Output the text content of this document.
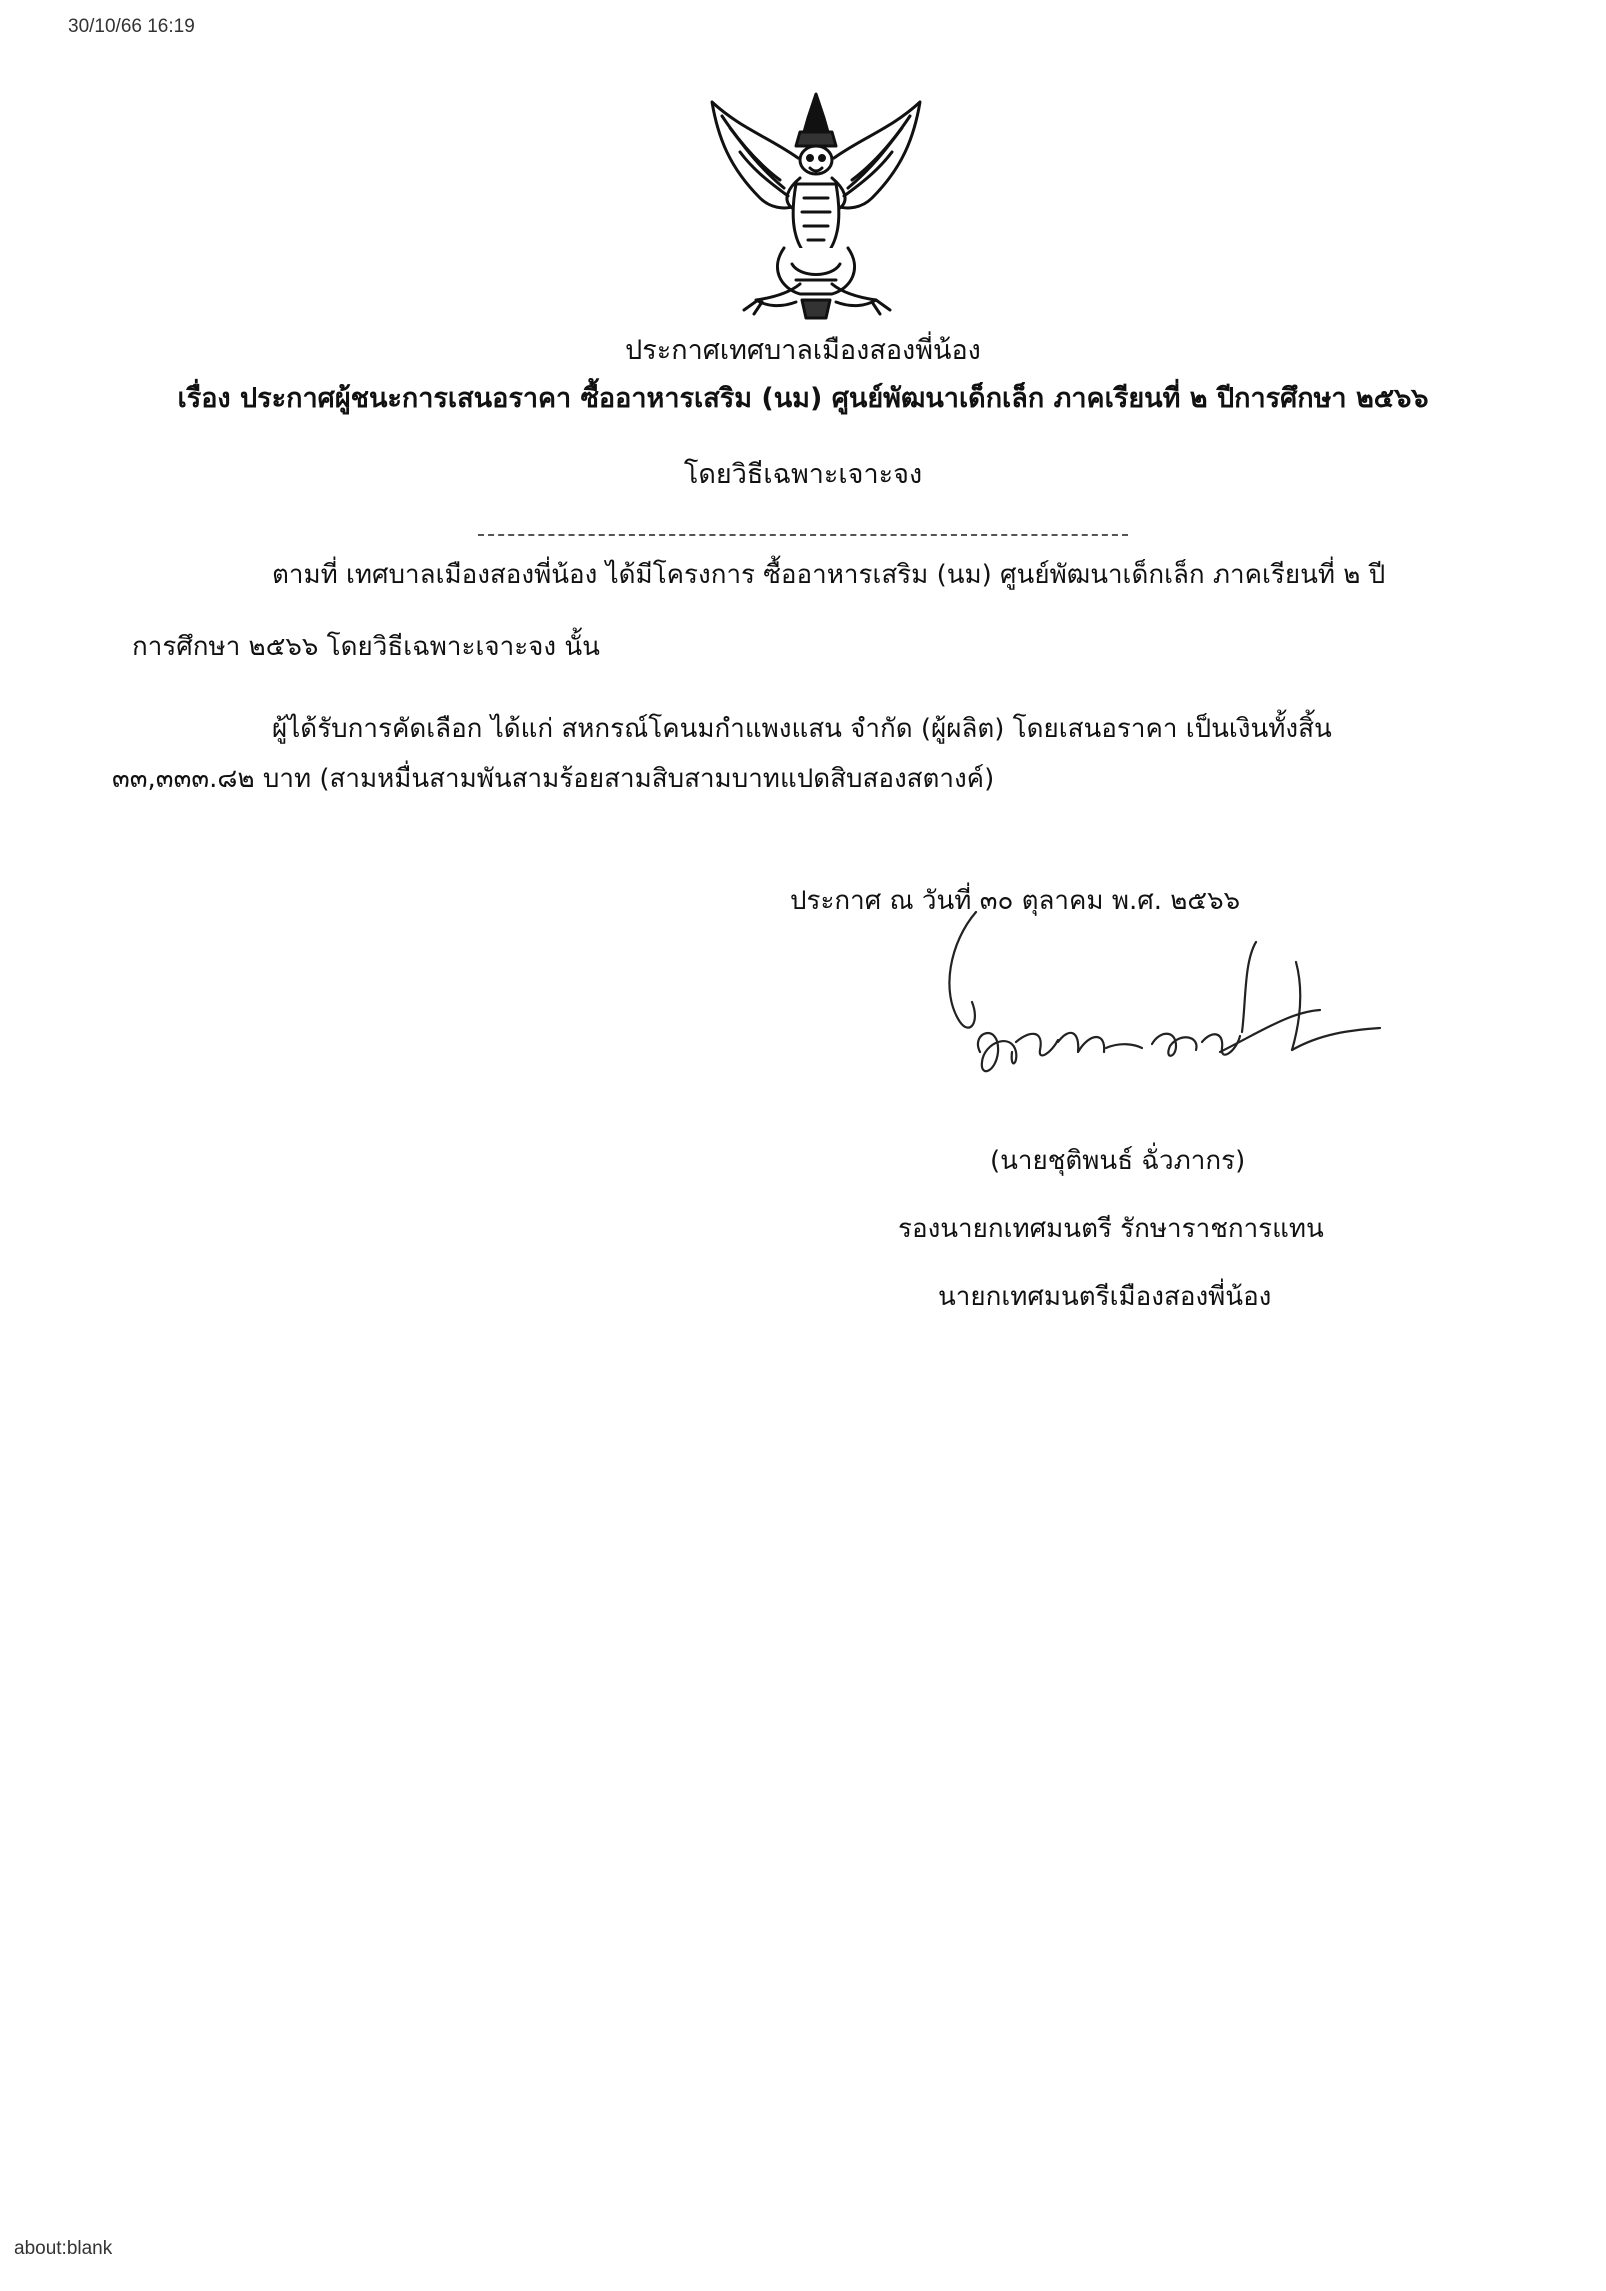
30/10/66 16:19
ประกาศเทศบาลเมืองสองพี่น้อง
เรื่อง ประกาศผู้ชนะการเสนอราคา ซื้ออาหารเสริม (นม) ศูนย์พัฒนาเด็กเล็ก ภาคเรียนที่ ๒ ปีการศึกษา ๒๕๖๖
โดยวิธีเฉพาะเจาะจง
ตามที่ เทศบาลเมืองสองพี่น้อง ได้มีโครงการ ซื้ออาหารเสริม (นม) ศูนย์พัฒนาเด็กเล็ก ภาคเรียนที่ ๒ ปี
การศึกษา ๒๕๖๖ โดยวิธีเฉพาะเจาะจง นั้น
ผู้ได้รับการคัดเลือก ได้แก่ สหกรณ์โคนมกำแพงแสน จำกัด (ผู้ผลิต) โดยเสนอราคา เป็นเงินทั้งสิ้น
๓๓,๓๓๓.๘๒ บาท (สามหมื่นสามพันสามร้อยสามสิบสามบาทแปดสิบสองสตางค์)
ประกาศ ณ วันที่ ๓๐ ตุลาคม พ.ศ. ๒๕๖๖
(นายชุติพนธ์ ฉั่วภากร)
รองนายกเทศมนตรี รักษาราชการแทน
นายกเทศมนตรีเมืองสองพี่น้อง
about:blank
